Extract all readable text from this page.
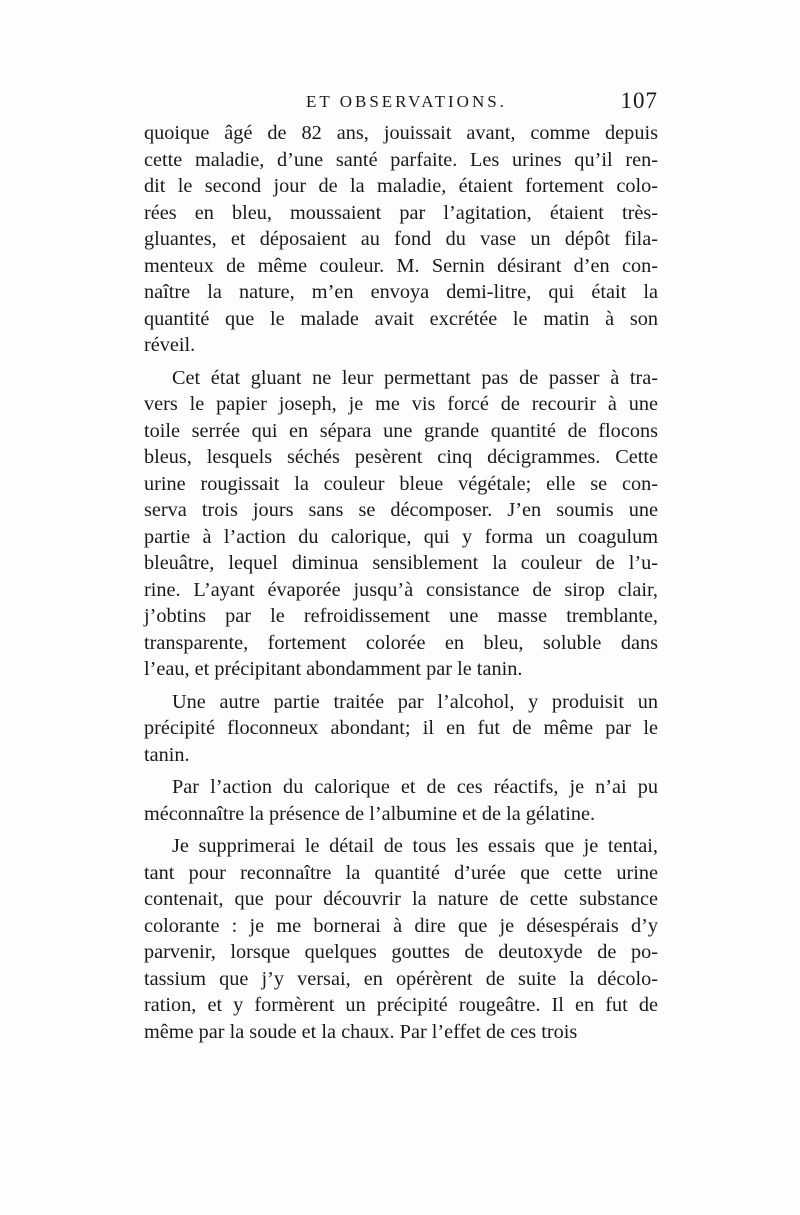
ET OBSERVATIONS.	107
quoique âgé de 82 ans, jouissait avant, comme depuis
cette maladie, d’une santé parfaite. Les urines qu’il ren-
dit le second jour de la maladie, étaient fortement colo-
rées en bleu, moussaient par l’agitation, étaient très-
gluantes, et déposaient au fond du vase un dépôt fila-
menteux de même couleur. M. Sernin désirant d’en con-
naître la nature, m’en envoya demi-litre, qui était la
quantité que le malade avait excrétée le matin à son
réveil.
Cet état gluant ne leur permettant pas de passer à tra-
vers le papier joseph, je me vis forcé de recourir à une
toile serrée qui en sépara une grande quantité de flocons
bleus, lesquels séchés pesèrent cinq décigrammes. Cette
urine rougissait la couleur bleue végétale; elle se con-
serva trois jours sans se décomposer. J’en soumis une
partie à l’action du calorique, qui y forma un coagulum
bleuâtre, lequel diminua sensiblement la couleur de l’u-
rine. L’ayant évaporée jusqu’à consistance de sirop clair,
j’obtins par le refroidissement une masse tremblante,
transparente, fortement colorée en bleu, soluble dans
l’eau, et précipitant abondamment par le tanin.
Une autre partie traitée par l’alcohol, y produisit un
précipité floconneux abondant; il en fut de même par le
tanin.
Par l’action du calorique et de ces réactifs, je n’ai pu
méconnaître la présence de l’albumine et de la gélatine.
Je supprimerai le détail de tous les essais que je tentai,
tant pour reconnaître la quantité d’urée que cette urine
contenait, que pour découvrir la nature de cette substance
colorante : je me bornerai à dire que je désespérais d’y
parvenir, lorsque quelques gouttes de deutoxyde de po-
tassium que j’y versai, en opérèrent de suite la décolo-
ration, et y formèrent un précipité rougeâtre. Il en fut de
même par la soude et la chaux. Par l’effet de ces trois
